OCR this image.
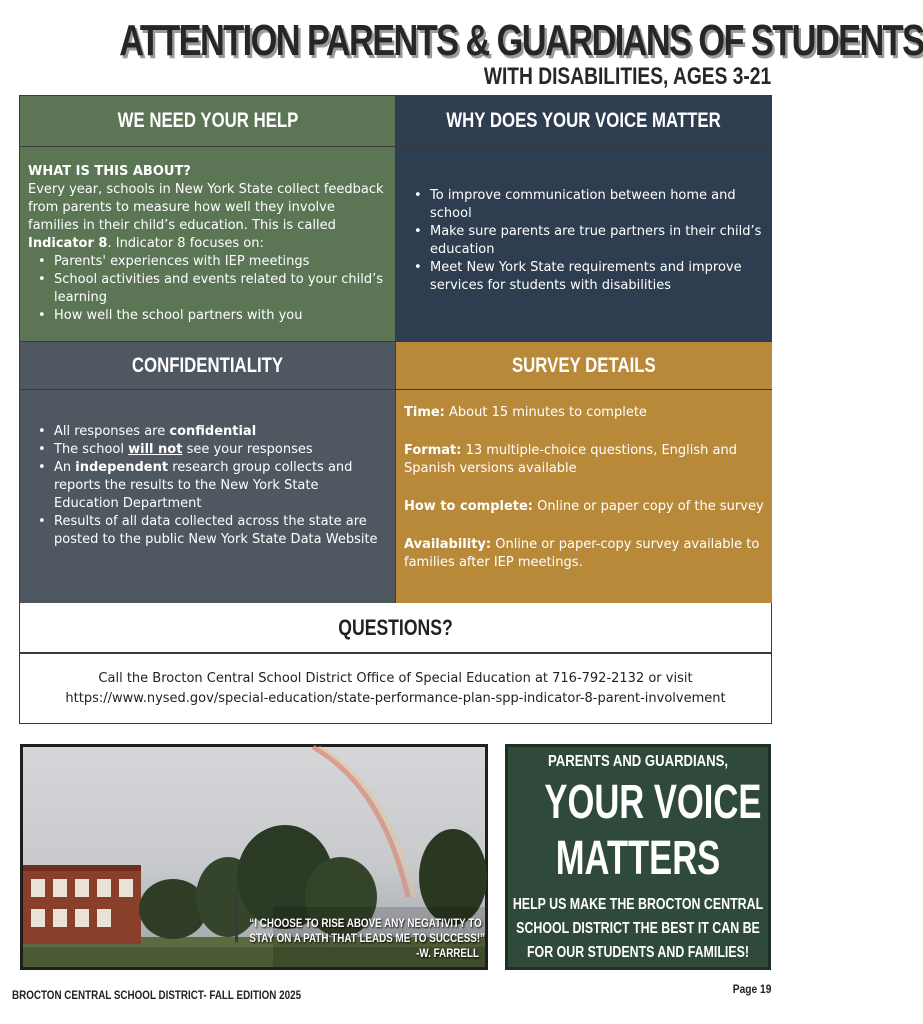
ATTENTION PARENTS & GUARDIANS OF STUDENTS
WITH DISABILITIES, AGES 3-21
WE NEED YOUR HELP
WHAT IS THIS ABOUT?
Every year, schools in New York State collect feedback from parents to measure how well they involve families in their child’s education. This is called Indicator 8. Indicator 8 focuses on:
• Parents' experiences with IEP meetings
• School activities and events related to your child’s learning
• How well the school partners with you
WHY DOES YOUR VOICE MATTER
• To improve communication between home and school
• Make sure parents are true partners in their child’s education
• Meet New York State requirements and improve services for students with disabilities
CONFIDENTIALITY
• All responses are confidential
• The school will not see your responses
• An independent research group collects and reports the results to the New York State Education Department
• Results of all data collected across the state are posted to the public New York State Data Website
SURVEY DETAILS
Time: About 15 minutes to complete
Format: 13 multiple-choice questions, English and Spanish versions available
How to complete: Online or paper copy of the survey
Availability: Online or paper-copy survey available to families after IEP meetings.
QUESTIONS?
Call the Brocton Central School District Office of Special Education at 716-792-2132 or visit
https://www.nysed.gov/special-education/state-performance-plan-spp-indicator-8-parent-involvement
“I CHOOSE TO RISE ABOVE ANY NEGATIVITY TO
STAY ON A PATH THAT LEADS ME TO SUCCESS!”
-W. FARRELL
PARENTS AND GUARDIANS,
YOUR VOICE
MATTERS
HELP US MAKE THE BROCTON CENTRAL SCHOOL DISTRICT THE BEST IT CAN BE FOR OUR STUDENTS AND FAMILIES!
BROCTON CENTRAL SCHOOL DISTRICT- FALL EDITION 2025	Page 19
